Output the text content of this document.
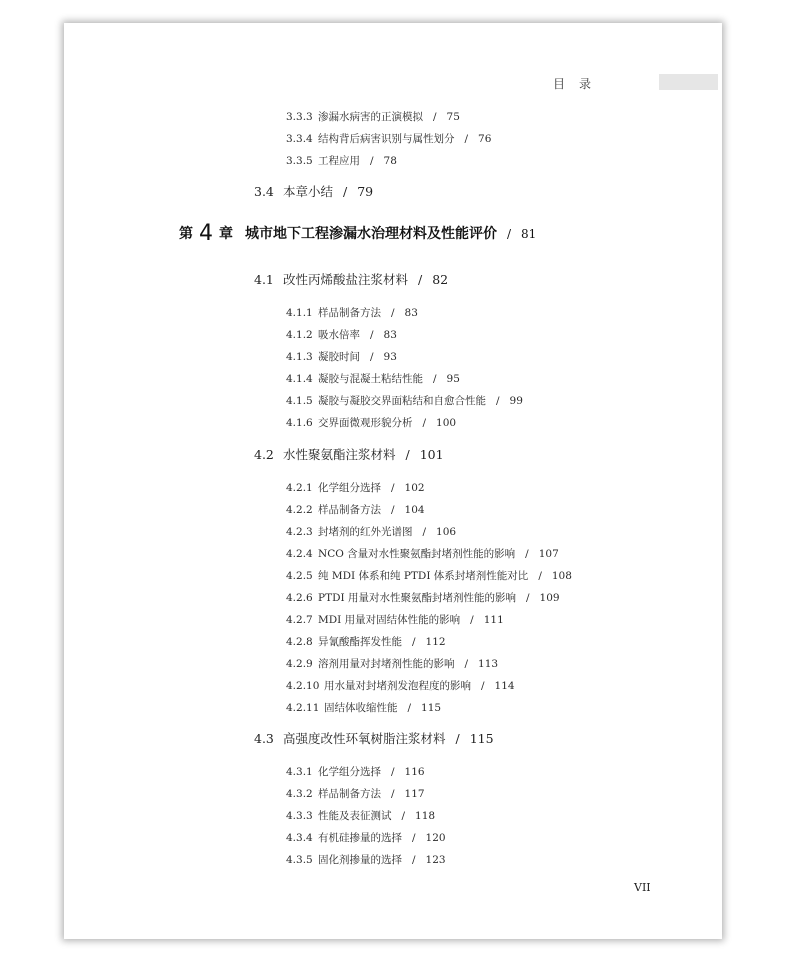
目录
第 4 章 城市地下工程渗漏水治理材料及性能评价 / 81
3.3.3 渗漏水病害的正演模拟 / 75
3.3.4 结构背后病害识别与属性划分 / 76
3.3.5 工程应用 / 78
3.4 本章小结 / 79
4.1 改性丙烯酸盐注浆材料 / 82
4.1.1 样品制备方法 / 83
4.1.2 吸水倍率 / 83
4.1.3 凝胶时间 / 93
4.1.4 凝胶与混凝土粘结性能 / 95
4.1.5 凝胶与凝胶交界面粘结和自愈合性能 / 99
4.1.6 交界面微观形貌分析 / 100
4.2 水性聚氨酯注浆材料 / 101
4.2.1 化学组分选择 / 102
4.2.2 样品制备方法 / 104
4.2.3 封堵剂的红外光谱图 / 106
4.2.4 NCO 含量对水性聚氨酯封堵剂性能的影响 / 107
4.2.5 纯 MDI 体系和纯 PTDI 体系封堵剂性能对比 / 108
4.2.6 PTDI 用量对水性聚氨酯封堵剂性能的影响 / 109
4.2.7 MDI 用量对固结体性能的影响 / 111
4.2.8 异氰酸酯挥发性能 / 112
4.2.9 溶剂用量对封堵剂性能的影响 / 113
4.2.10 用水量对封堵剂发泡程度的影响 / 114
4.2.11 固结体收缩性能 / 115
4.3 高强度改性环氧树脂注浆材料 / 115
4.3.1 化学组分选择 / 116
4.3.2 样品制备方法 / 117
4.3.3 性能及表征测试 / 118
4.3.4 有机硅掺量的选择 / 120
4.3.5 固化剂掺量的选择 / 123
VII
